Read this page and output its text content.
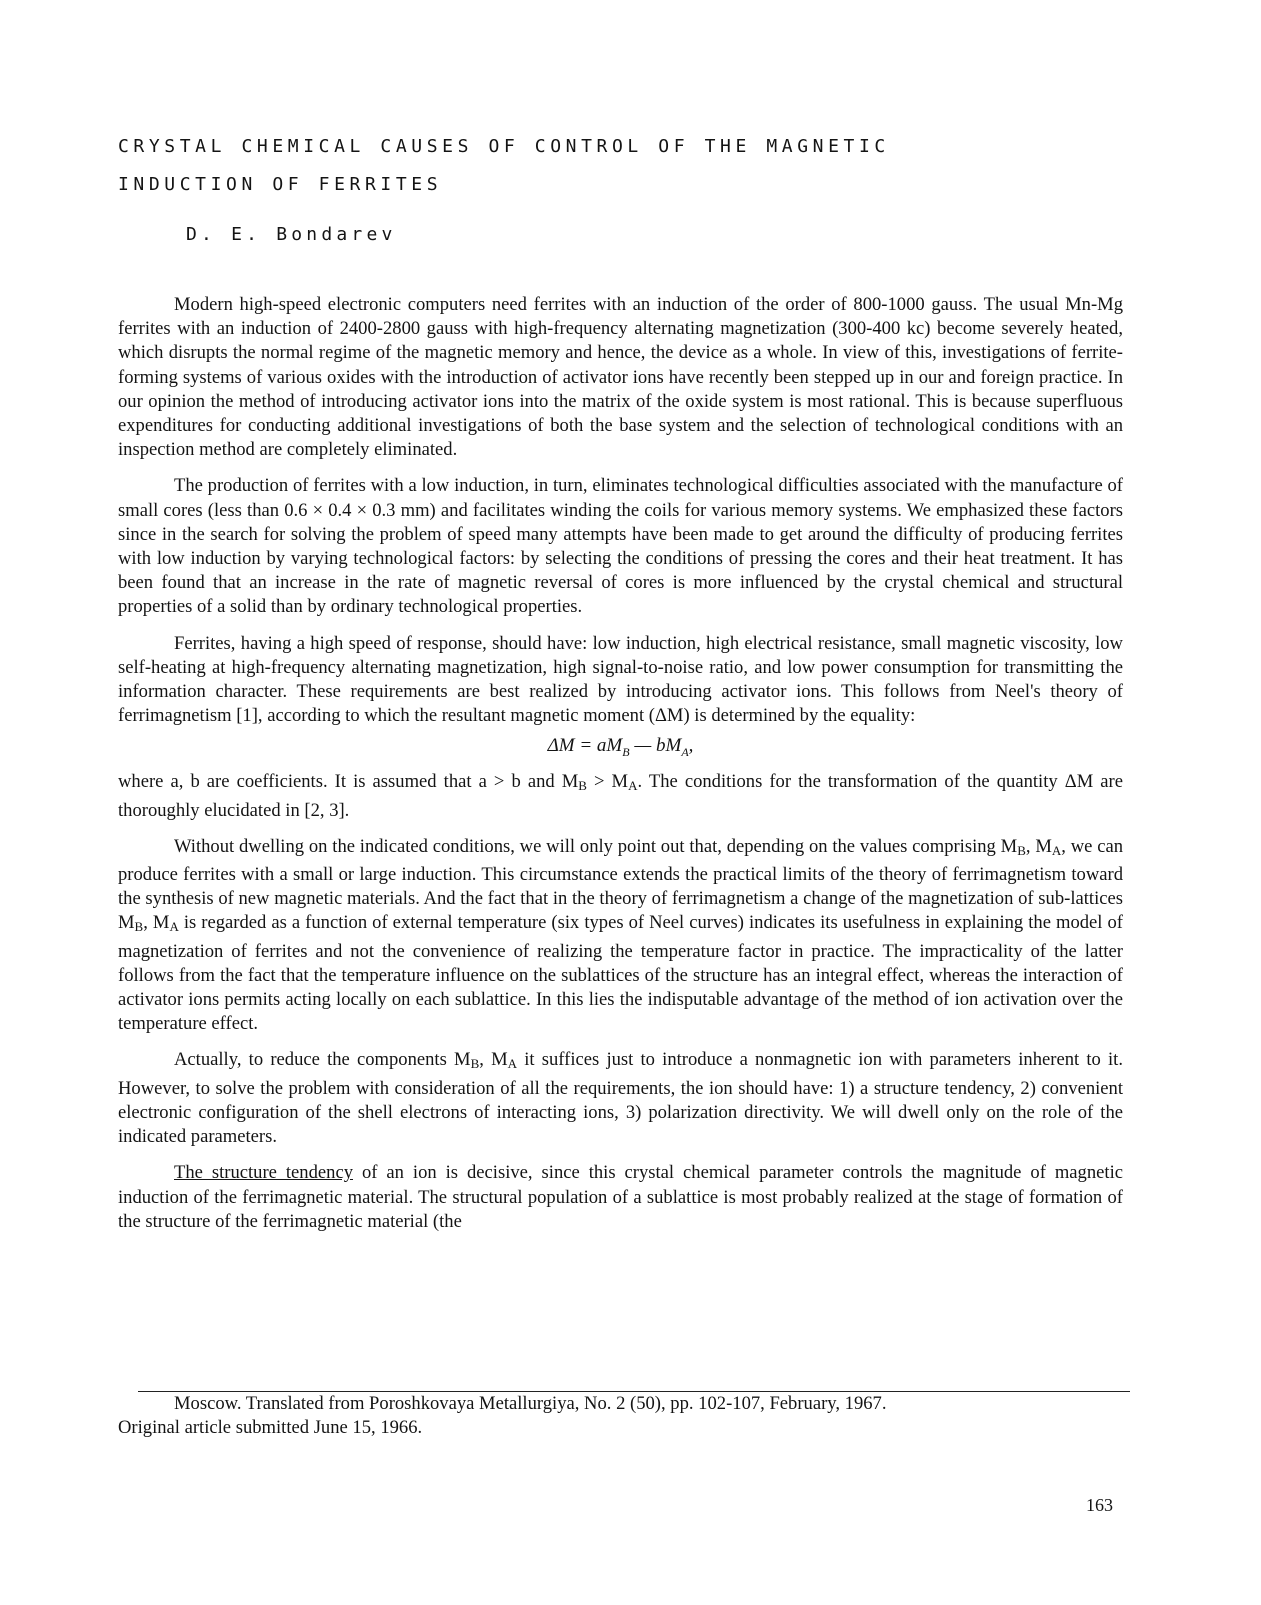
CRYSTAL CHEMICAL CAUSES OF CONTROL OF THE MAGNETIC
INDUCTION OF FERRITES
D. E. Bondarev

Modern high-speed electronic computers need ferrites with an induction of the order of 800-1000 gauss. The usual Mn-Mg ferrites with an induction of 2400-2800 gauss with high-frequency alternating magnetization (300-400 kc) become severely heated, which disrupts the normal regime of the magnetic memory and hence, the device as a whole. In view of this, investigations of ferrite-forming systems of various oxides with the introduction of activator ions have recently been stepped up in our and foreign practice. In our opinion the method of introducing activator ions into the matrix of the oxide system is most rational. This is because superfluous expenditures for conducting additional investigations of both the base system and the selection of technological conditions with an inspection method are completely eliminated.

The production of ferrites with a low induction, in turn, eliminates technological difficulties associated with the manufacture of small cores (less than 0.6 × 0.4 × 0.3 mm) and facilitates winding the coils for various memory systems. We emphasized these factors since in the search for solving the problem of speed many attempts have been made to get around the difficulty of producing ferrites with low induction by varying technological factors: by selecting the conditions of pressing the cores and their heat treatment. It has been found that an increase in the rate of magnetic reversal of cores is more influenced by the crystal chemical and structural properties of a solid than by ordinary technological properties.

Ferrites, having a high speed of response, should have: low induction, high electrical resistance, small magnetic viscosity, low self-heating at high-frequency alternating magnetization, high signal-to-noise ratio, and low power consumption for transmitting the information character. These requirements are best realized by introducing activator ions. This follows from Neel's theory of ferrimagnetism [1], according to which the resultant magnetic moment (ΔM) is determined by the equality:

$\Delta M = aM_B$ — $bM_A$,

where a, b are coefficients. It is assumed that a > b and $M_B > M_A$. The conditions for the transformation of the quantity ΔM are thoroughly elucidated in [2, 3].

Without dwelling on the indicated conditions, we will only point out that, depending on the values comprising $M_B$, $M_A$, we can produce ferrites with a small or large induction. This circumstance extends the practical limits of the theory of ferrimagnetism toward the synthesis of new magnetic materials. And the fact that in the theory of ferrimagnetism a change of the magnetization of sub-lattices $M_B$, $M_A$ is regarded as a function of external temperature (six types of Neel curves) indicates its usefulness in explaining the model of magnetization of ferrites and not the convenience of realizing the temperature factor in practice. The impracticality of the latter follows from the fact that the temperature influence on the sublattices of the structure has an integral effect, whereas the interaction of activator ions permits acting locally on each sublattice. In this lies the indisputable advantage of the method of ion activation over the temperature effect.

Actually, to reduce the components $M_B$, $M_A$ it suffices just to introduce a nonmagnetic ion with parameters inherent to it. However, to solve the problem with consideration of all the requirements, the ion should have: 1) a structure tendency, 2) convenient electronic configuration of the shell electrons of interacting ions, 3) polarization directivity. We will dwell only on the role of the indicated parameters.

The structure tendency of an ion is decisive, since this crystal chemical parameter controls the magnitude of magnetic induction of the ferrimagnetic material. The structural population of a sublattice is most probably realized at the stage of formation of the structure of the ferrimagnetic material (the

Moscow. Translated from Poroshkovaya Metallurgiya, No. 2 (50), pp. 102-107, February, 1967.
Original article submitted June 15, 1966.
163
